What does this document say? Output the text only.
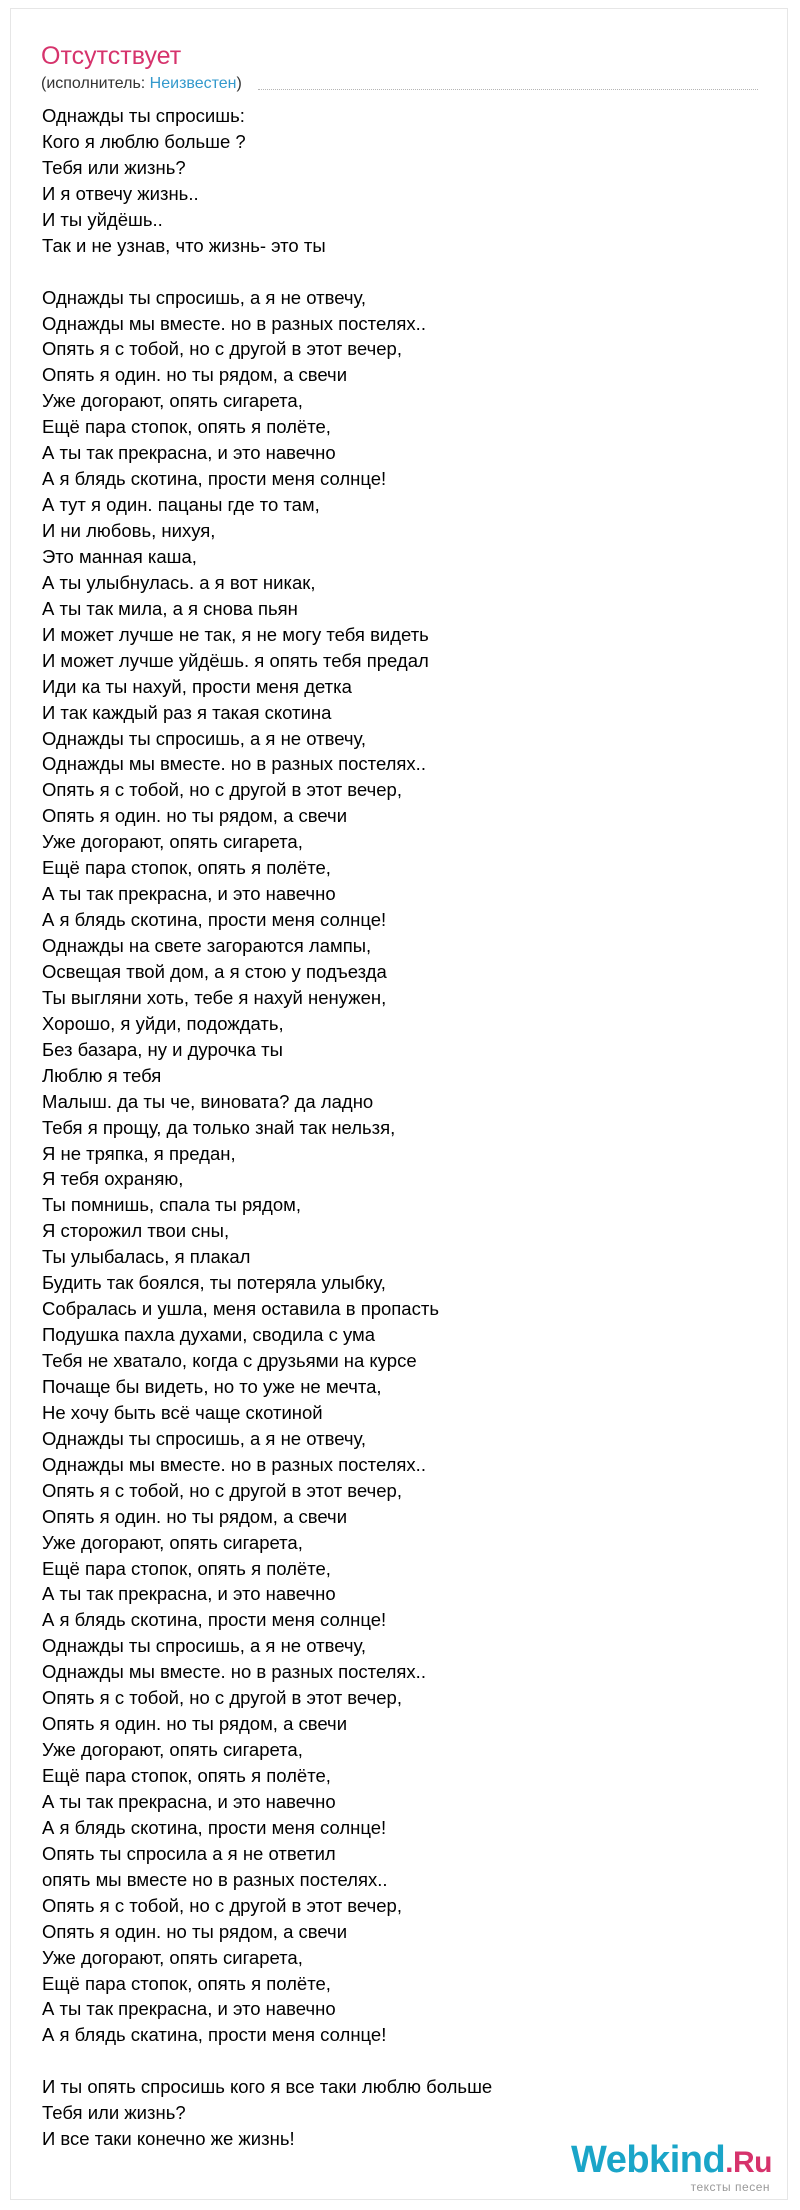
Отсутствует
(исполнитель: Неизвестен)
Однажды ты спросишь:
Кого я люблю больше ?
Тебя или жизнь?
И я отвечу жизнь..
И ты уйдёшь..
Так и не узнав, что жизнь- это ты
Однажды ты спросишь, а я не отвечу,
Однажды мы вместе. но в разных постелях..
Опять я с тобой, но с другой в этот вечер,
Опять я один. но ты рядом, а свечи
Уже догорают, опять сигарета,
Ещё пара стопок, опять я полёте,
А ты так прекрасна, и это навечно
А я блядь скотина, прости меня солнце!
А тут я один. пацаны где то там,
И ни любовь, нихуя,
Это манная каша,
А ты улыбнулась. а я вот никак,
А ты так мила, а я снова пьян
И может лучше не так, я не могу тебя видеть
И может лучше уйдёшь. я опять тебя предал
Иди ка ты нахуй, прости меня детка
И так каждый раз я такая скотина
Однажды ты спросишь, а я не отвечу,
Однажды мы вместе. но в разных постелях..
Опять я с тобой, но с другой в этот вечер,
Опять я один. но ты рядом, а свечи
Уже догорают, опять сигарета,
Ещё пара стопок, опять я полёте,
А ты так прекрасна, и это навечно
А я блядь скотина, прости меня солнце!
Однажды на свете загораются лампы,
Освещая твой дом, а я стою у подъезда
Ты выгляни хоть, тебе я нахуй ненужен,
Хорошо, я уйди, подождать,
Без базара, ну и дурочка ты
Люблю я тебя
Малыш. да ты че, виновата? да ладно
Тебя я прощу, да только знай так нельзя,
Я не тряпка, я предан,
Я тебя охраняю,
Ты помнишь, спала ты рядом,
Я сторожил твои сны,
Ты улыбалась, я плакал
Будить так боялся, ты потеряла улыбку,
Собралась и ушла, меня оставила в пропасть
Подушка пахла духами, сводила с ума
Тебя не хватало, когда с друзьями на курсе
Почаще бы видеть, но то уже не мечта,
Не хочу быть всё чаще скотиной
Однажды ты спросишь, а я не отвечу,
Однажды мы вместе. но в разных постелях..
Опять я с тобой, но с другой в этот вечер,
Опять я один. но ты рядом, а свечи
Уже догорают, опять сигарета,
Ещё пара стопок, опять я полёте,
А ты так прекрасна, и это навечно
А я блядь скотина, прости меня солнце!
Однажды ты спросишь, а я не отвечу,
Однажды мы вместе. но в разных постелях..
Опять я с тобой, но с другой в этот вечер,
Опять я один. но ты рядом, а свечи
Уже догорают, опять сигарета,
Ещё пара стопок, опять я полёте,
А ты так прекрасна, и это навечно
А я блядь скотина, прости меня солнце!
Опять ты спросила а я не ответил
опять мы вместе но в разных постелях..
Опять я с тобой, но с другой в этот вечер,
Опять я один. но ты рядом, а свечи
Уже догорают, опять сигарета,
Ещё пара стопок, опять я полёте,
А ты так прекрасна, и это навечно
А я блядь скатина, прости меня солнце!
И ты опять спросишь кого я все таки люблю больше
Тебя или жизнь?
И все таки конечно же жизнь!
Webkind.Ru
тексты песен
